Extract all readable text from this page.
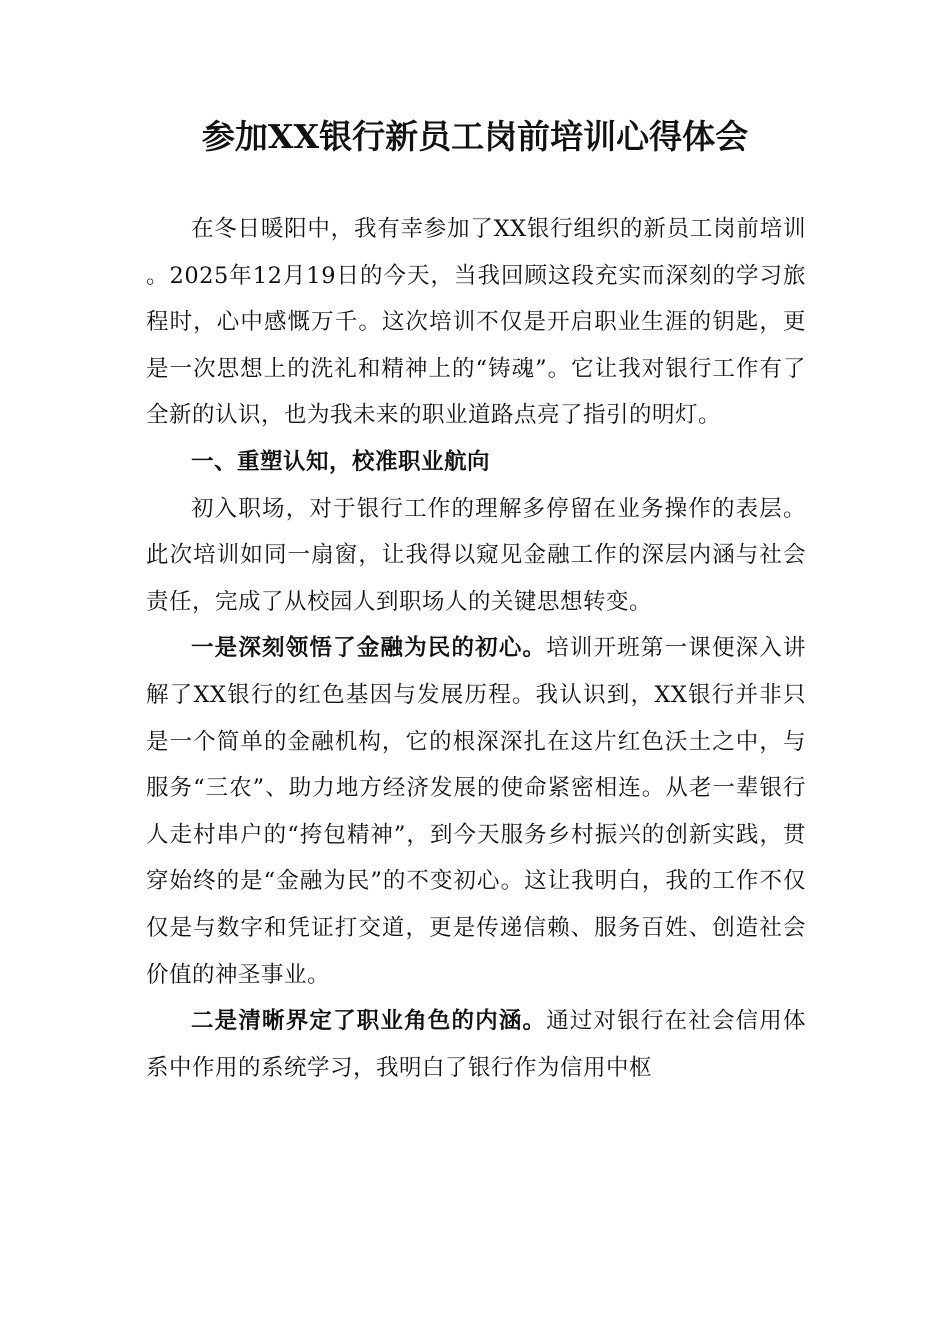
参加XX银行新员工岗前培训心得体会

在冬日暖阳中，我有幸参加了XX银行组织的新员工岗前培训。2025年12月19日的今天，当我回顾这段充实而深刻的学习旅程时，心中感慨万千。这次培训不仅是开启职业生涯的钥匙，更是一次思想上的洗礼和精神上的“铸魂”。它让我对银行工作有了全新的认识，也为我未来的职业道路点亮了指引的明灯。

一、重塑认知，校准职业航向

初入职场，对于银行工作的理解多停留在业务操作的表层。此次培训如同一扇窗，让我得以窥见金融工作的深层内涵与社会责任，完成了从校园人到职场人的关键思想转变。

一是深刻领悟了金融为民的初心。培训开班第一课便深入讲解了XX银行的红色基因与发展历程。我认识到，XX银行并非只是一个简单的金融机构，它的根深深扎在这片红色沃土之中，与服务“三农”、助力地方经济发展的使命紧密相连。从老一辈银行人走村串户的“挎包精神”，到今天服务乡村振兴的创新实践，贯穿始终的是“金融为民”的不变初心。这让我明白，我的工作不仅仅是与数字和凭证打交道，更是传递信赖、服务百姓、创造社会价值的神圣事业。

二是清晰界定了职业角色的内涵。通过对银行在社会信用体系中作用的系统学习，我明白了银行作为信用中枢
